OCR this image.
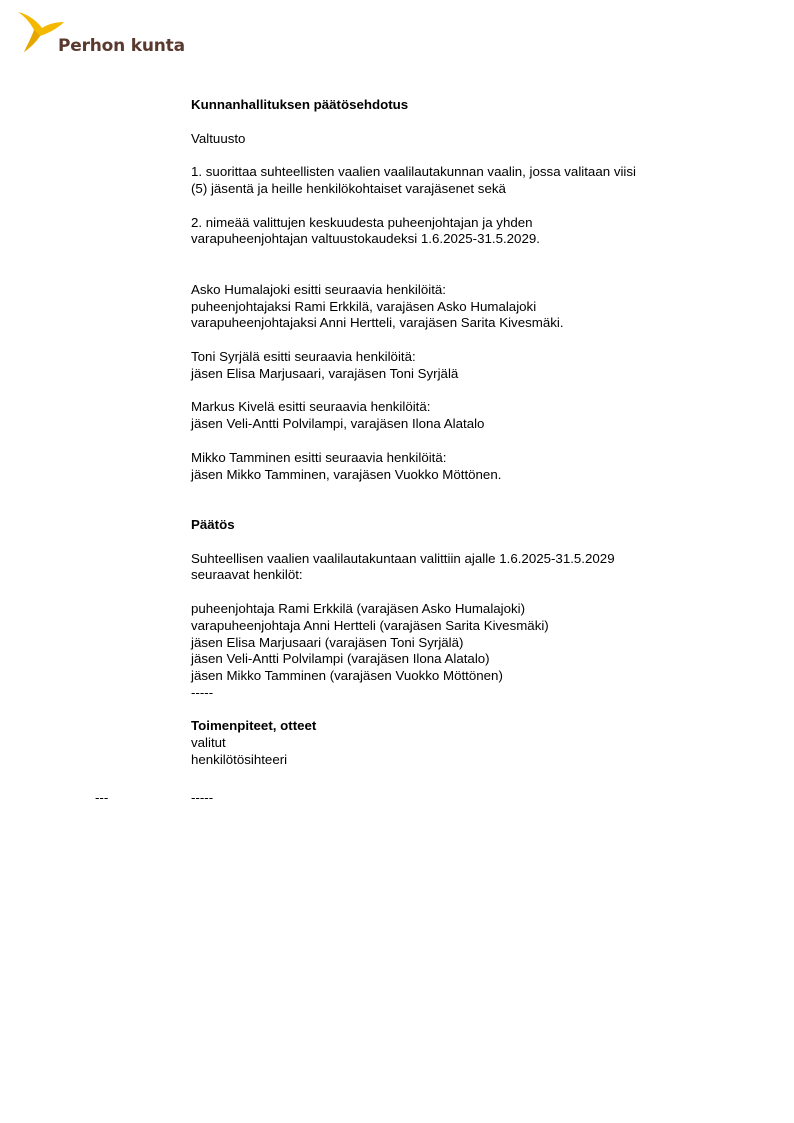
Perhon kunta

Kunnanhallituksen päätösehdotus

Valtuusto

1. suorittaa suhteellisten vaalien vaalilautakunnan vaalin, jossa valitaan viisi

(5) jäsentä ja heille henkilökohtaiset varajäsenet sekä

2. nimeää valittujen keskuudesta puheenjohtajan ja yhden

varapuheenjohtajan valtuustokaudeksi 1.6.2025-31.5.2029.

Asko Humalajoki esitti seuraavia henkilöitä:

puheenjohtajaksi Rami Erkkilä, varajäsen Asko Humalajoki

varapuheenjohtajaksi Anni Hertteli, varajäsen Sarita Kivesmäki.

Toni Syrjälä esitti seuraavia henkilöitä:

jäsen Elisa Marjusaari, varajäsen Toni Syrjälä

Markus Kivelä esitti seuraavia henkilöitä:

jäsen Veli-Antti Polvilampi, varajäsen Ilona Alatalo

Mikko Tamminen esitti seuraavia henkilöitä:

jäsen Mikko Tamminen, varajäsen Vuokko Möttönen.

Päätös

Suhteellisen vaalien vaalilautakuntaan valittiin ajalle 1.6.2025-31.5.2029

seuraavat henkilöt:

puheenjohtaja Rami Erkkilä (varajäsen Asko Humalajoki)

varapuheenjohtaja Anni Hertteli (varajäsen Sarita Kivesmäki)

jäsen Elisa Marjusaari (varajäsen Toni Syrjälä)

jäsen Veli-Antti Polvilampi (varajäsen Ilona Alatalo)

jäsen Mikko Tamminen (varajäsen Vuokko Möttönen)

-----

Toimenpiteet, otteet

valitut

henkilötösihteeri

---	-----
